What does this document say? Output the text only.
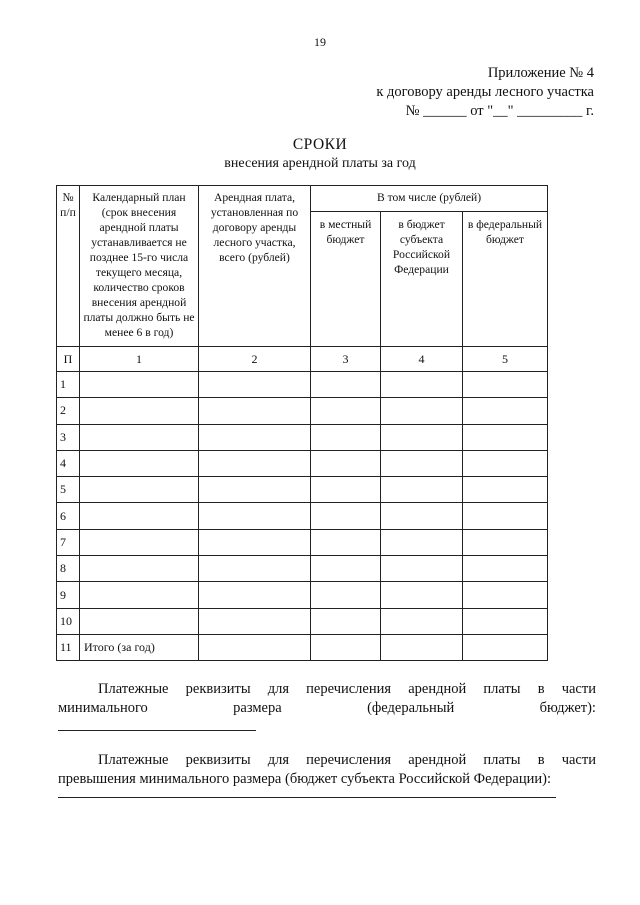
19
Приложение № 4
к договору аренды лесного участка
№ ______ от "__" _________ г.
СРОКИ
внесения арендной платы за год
№ п/п	Календарный план (срок внесения арендной платы устанавливается не позднее 15-го числа текущего месяца, количество сроков внесения арендной платы должно быть не менее 6 в год)	Арендная плата, установленная по договору аренды лесного участка, всего (рублей)	В том числе (рублей)		
			в местный бюджет	в бюджет субъекта Российской Федерации	в федеральный бюджет
П	1	2	3	4	5
1					
2					
3					
4					
5					
6					
7					
8					
9					
10					
11	Итого (за год)				
Платежные реквизиты для перечисления арендной платы в части
минимального	размера	(федеральный	бюджет):
Платежные реквизиты для перечисления арендной платы в части
превышения минимального размера (бюджет субъекта Российской Федерации):
